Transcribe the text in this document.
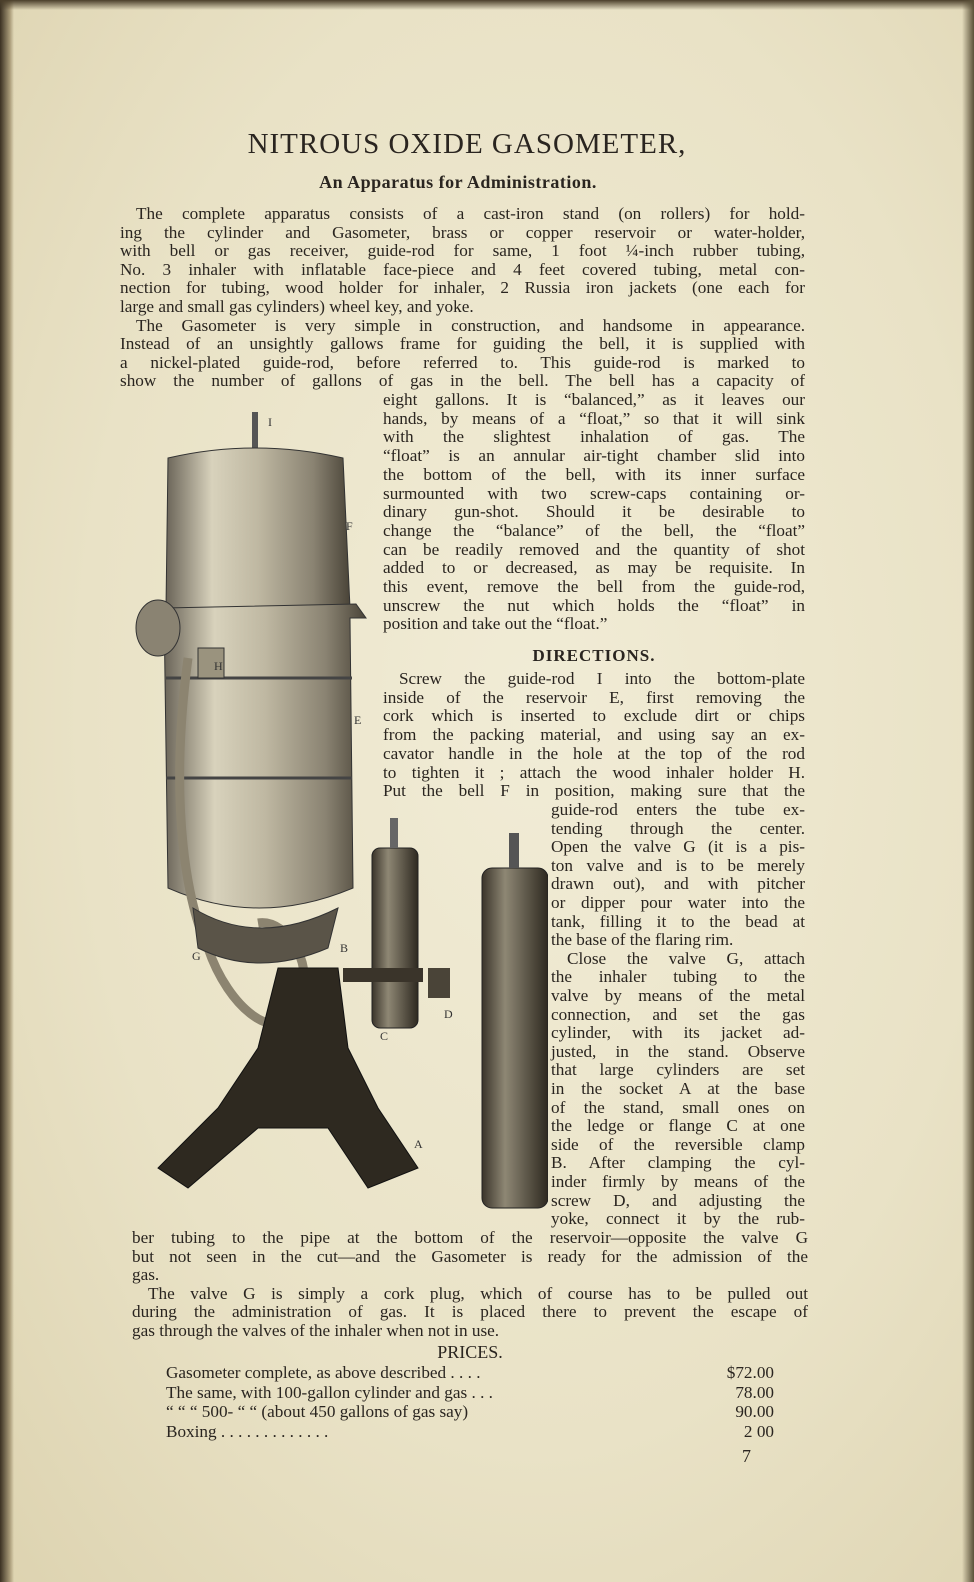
NITROUS OXIDE GASOMETER,
An Apparatus for Administration.
The complete apparatus consists of a cast-iron stand (on rollers) for hold-
ing the cylinder and Gasometer, brass or copper reservoir or water-holder,
with bell or gas receiver, guide-rod for same, 1 foot ¼-inch rubber tubing,
No. 3 inhaler with inflatable face-piece and 4 feet covered tubing, metal con-
nection for tubing, wood holder for inhaler, 2 Russia iron jackets (one each for
large and small gas cylinders) wheel key, and yoke.
The Gasometer is very simple in construction, and handsome in appearance.
Instead of an unsightly gallows frame for guiding the bell, it is supplied with
a nickel-plated guide-rod, before referred to. This guide-rod is marked to
show the number of gallons of gas in the bell. The bell has a capacity of
eight gallons. It is “balanced,” as it leaves our
hands, by means of a “float,” so that it will sink
with the slightest inhalation of gas. The
“float” is an annular air-tight chamber slid into
the bottom of the bell, with its inner surface
surmounted with two screw-caps containing or-
dinary gun-shot. Should it be desirable to
change the “balance” of the bell, the “float”
can be readily removed and the quantity of shot
added to or decreased, as may be requisite. In
this event, remove the bell from the guide-rod,
unscrew the nut which holds the “float” in
position and take out the “float.”
Screw the guide-rod I into the bottom-plate
inside of the reservoir E, first removing the
cork which is inserted to exclude dirt or chips
from the packing material, and using say an ex-
cavator handle in the hole at the top of the rod
to tighten it ; attach the wood inhaler holder H.
Put the bell F in position, making sure that the
guide-rod enters the tube ex-
tending through the center.
Open the valve G (it is a pis-
ton valve and is to be merely
drawn out), and with pitcher
or dipper pour water into the
tank, filling it to the bead at
the base of the flaring rim.
Close the valve G, attach
the inhaler tubing to the
valve by means of the metal
connection, and set the gas
cylinder, with its jacket ad-
justed, in the stand. Observe
that large cylinders are set
in the socket A at the base
of the stand, small ones on
the ledge or flange C at one
side of the reversible clamp
B. After clamping the cyl-
inder firmly by means of the
screw D, and adjusting the
yoke, connect it by the rub-
ber tubing to the pipe at the bottom of the reservoir—opposite the valve G
but not seen in the cut—and the Gasometer is ready for the admission of the
gas.
The valve G is simply a cork plug, which of course has to be pulled out
during the administration of gas. It is placed there to prevent the escape of
gas through the valves of the inhaler when not in use.
DIRECTIONS.
I
F
E
H
G
B
C
D
A
PRICES.
Gasometer complete, as above described . . . .	$72.00
The same, with 100-gallon cylinder and gas . . .	78.00
“ “ “ 500- “ “ (about 450 gallons of gas say)	90.00
Boxing . . . . . . . . . . . . .	2 00
7
